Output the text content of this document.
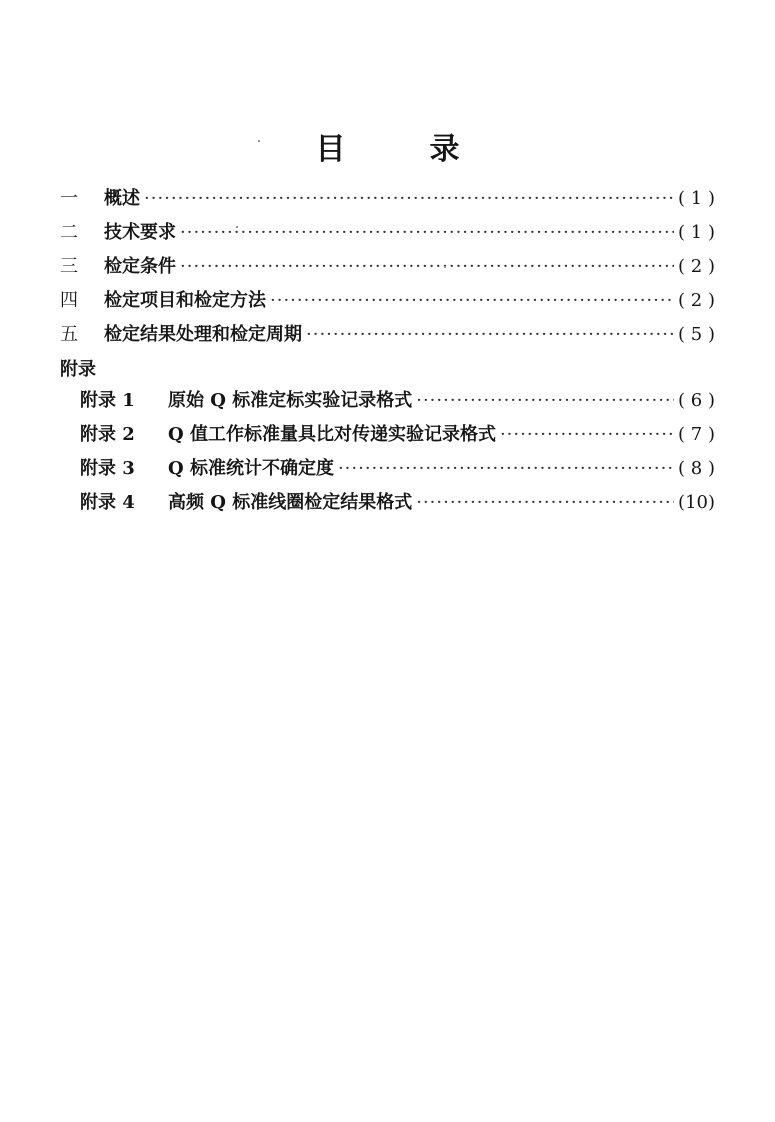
目	录
一	概述 ·····	( 1 )
二	技术要求 ·····	( 1 )
三	检定条件 ·····	( 2 )
四	检定项目和检定方法 ·····	( 2 )
五	检定结果处理和检定周期 ·····	( 5 )
附录
附录 1	原始 Q 标准定标实验记录格式 ·····	( 6 )
附录 2	Q 值工作标准量具比对传递实验记录格式 ·····	( 7 )
附录 3	Q 标准统计不确定度 ·····	( 8 )
附录 4	高频 Q 标准线圈检定结果格式 ·····	(10)
